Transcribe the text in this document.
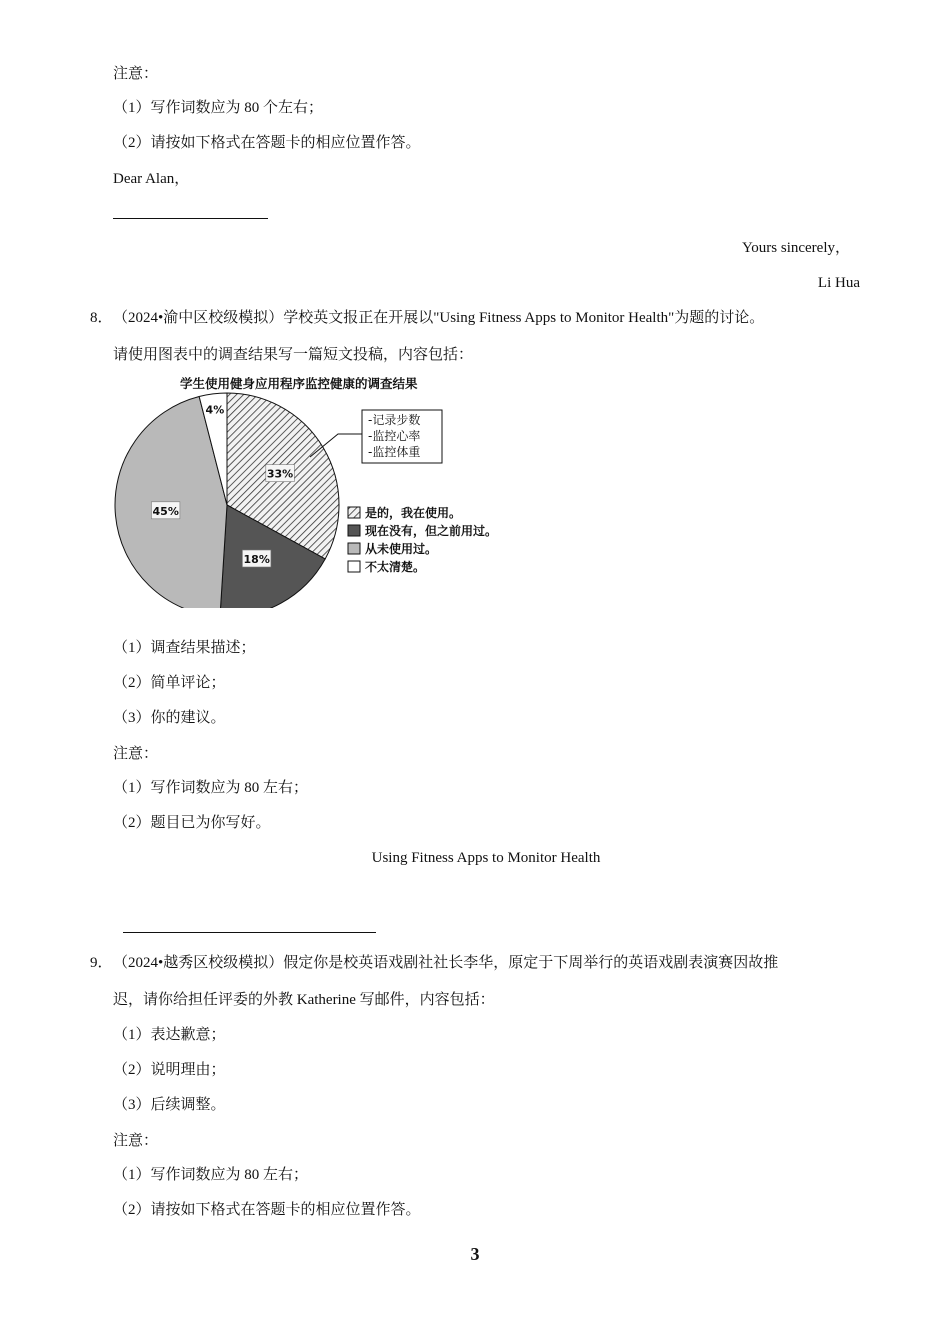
注意：
（1）写作词数应为 80 个左右；
（2）请按如下格式在答题卡的相应位置作答。
Dear Alan，
Yours sincerely，
Li Hua
8． （2024•渝中区校级模拟）学校英文报正在开展以"Using Fitness Apps to Monitor Health"为题的讨论。
请使用图表中的调查结果写一篇短文投稿，内容包括：
学生使用健身应用程序监控健康的调查结果
33%
18%
45%
4%
-记录步数
-监控心率
-监控体重
是的，我在使用。
现在没有，但之前用过。
从未使用过。
不太清楚。
（1）调查结果描述；
（2）简单评论；
（3）你的建议。
注意：
（1）写作词数应为 80 左右；
（2）题目已为你写好。
Using Fitness Apps to Monitor Health
9． （2024•越秀区校级模拟）假定你是校英语戏剧社社长李华，原定于下周举行的英语戏剧表演赛因故推
迟，请你给担任评委的外教 Katherine 写邮件，内容包括：
（1）表达歉意；
（2）说明理由；
（3）后续调整。
注意：
（1）写作词数应为 80 左右；
（2）请按如下格式在答题卡的相应位置作答。
3
